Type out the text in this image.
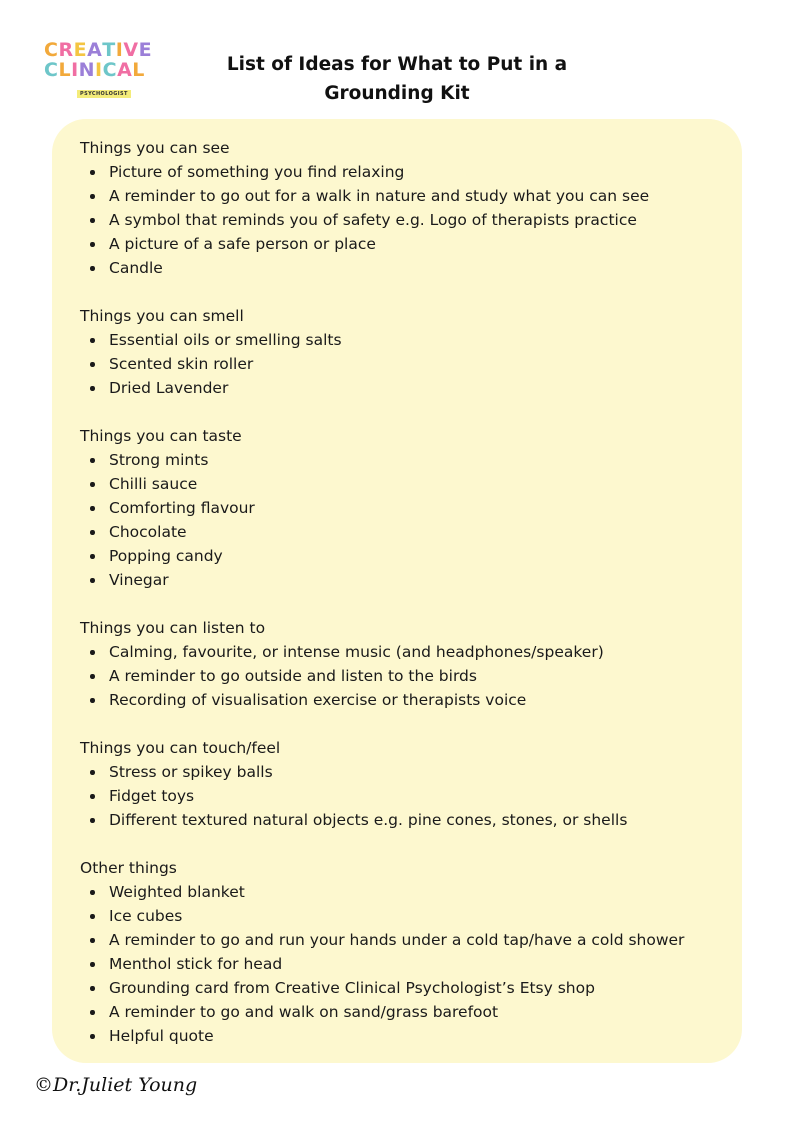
CREATIVE
CLINICAL
PSYCHOLOGIST
List of Ideas for What to Put in a
Grounding Kit
Things you can see
Picture of something you find relaxing
A reminder to go out for a walk in nature and study what you can see
A symbol that reminds you of safety e.g. Logo of therapists practice
A picture of a safe person or place
Candle
Things you can smell
Essential oils or smelling salts
Scented skin roller
Dried Lavender
Things you can taste
Strong mints
Chilli sauce
Comforting flavour
Chocolate
Popping candy
Vinegar
Things you can listen to
Calming, favourite, or intense music (and headphones/speaker)
A reminder to go outside and listen to the birds
Recording of visualisation exercise or therapists voice
Things you can touch/feel
Stress or spikey balls
Fidget toys
Different textured natural objects e.g. pine cones, stones, or shells
Other things
Weighted blanket
Ice cubes
A reminder to go and run your hands under a cold tap/have a cold shower
Menthol stick for head
Grounding card from Creative Clinical Psychologist’s Etsy shop
A reminder to go and walk on sand/grass barefoot
Helpful quote
©Dr.Juliet Young
